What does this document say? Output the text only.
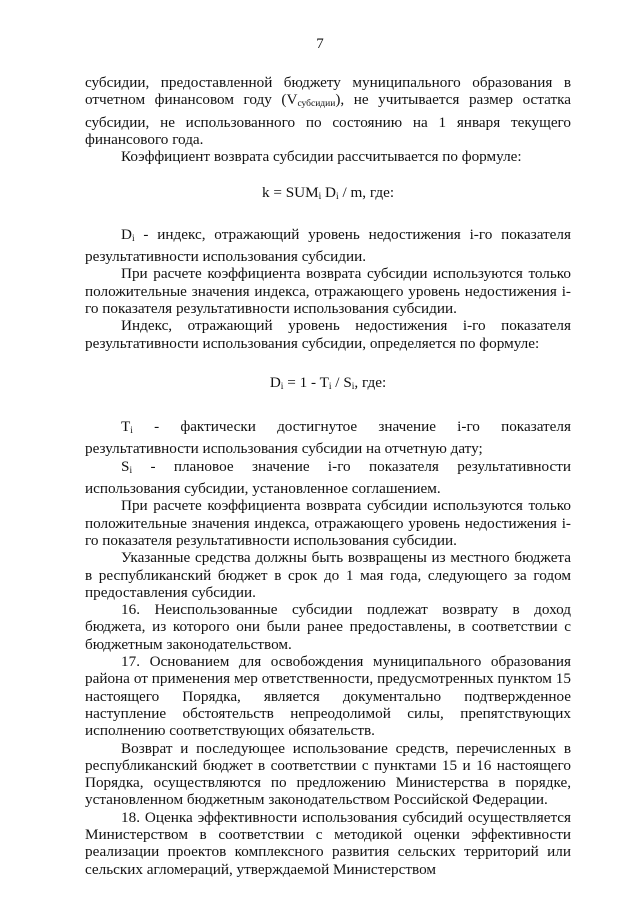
7

субсидии, предоставленной бюджету муниципального образования в отчетном финансовом году $(V_{субсидии})$, не учитывается размер остатка субсидии, не использованного по состоянию на 1 января текущего финансового года.

Коэффициент возврата субсидии рассчитывается по формуле:

$k = SUM_i$ $D_i$ / m, где:

$D_i$ - индекс, отражающий уровень недостижения i-го показателя результативности использования субсидии.

При расчете коэффициента возврата субсидии используются только положительные значения индекса, отражающего уровень недостижения i-го показателя результативности использования субсидии.

Индекс, отражающий уровень недостижения i-го показателя результативности использования субсидии, определяется по формуле:

$D_i = 1 - T_i / S_i$, где:

$T_i$ - фактически достигнутое значение i-го показателя

результативности использования субсидии на отчетную дату;

$S_i$ - плановое значение i-го показателя результативности

использования субсидии, установленное соглашением.

При расчете коэффициента возврата субсидии используются только положительные значения индекса, отражающего уровень недостижения i-го показателя результативности использования субсидии.

Указанные средства должны быть возвращены из местного бюджета в республиканский бюджет в срок до 1 мая года, следующего за годом предоставления субсидии.

16. Неиспользованные субсидии подлежат возврату в доход бюджета, из которого они были ранее предоставлены, в соответствии с бюджетным законодательством.

17. Основанием для освобождения муниципального образования района от применения мер ответственности, предусмотренных пунктом 15 настоящего Порядка, является документально подтвержденное наступление обстоятельств непреодолимой силы, препятствующих исполнению соответствующих обязательств.

Возврат и последующее использование средств, перечисленных в республиканский бюджет в соответствии с пунктами 15 и 16 настоящего Порядка, осуществляются по предложению Министерства в порядке, установленном бюджетным законодательством Российской Федерации.

18. Оценка эффективности использования субсидий осуществляется Министерством в соответствии с методикой оценки эффективности реализации проектов комплексного развития сельских территорий или сельских агломераций, утверждаемой Министерством
